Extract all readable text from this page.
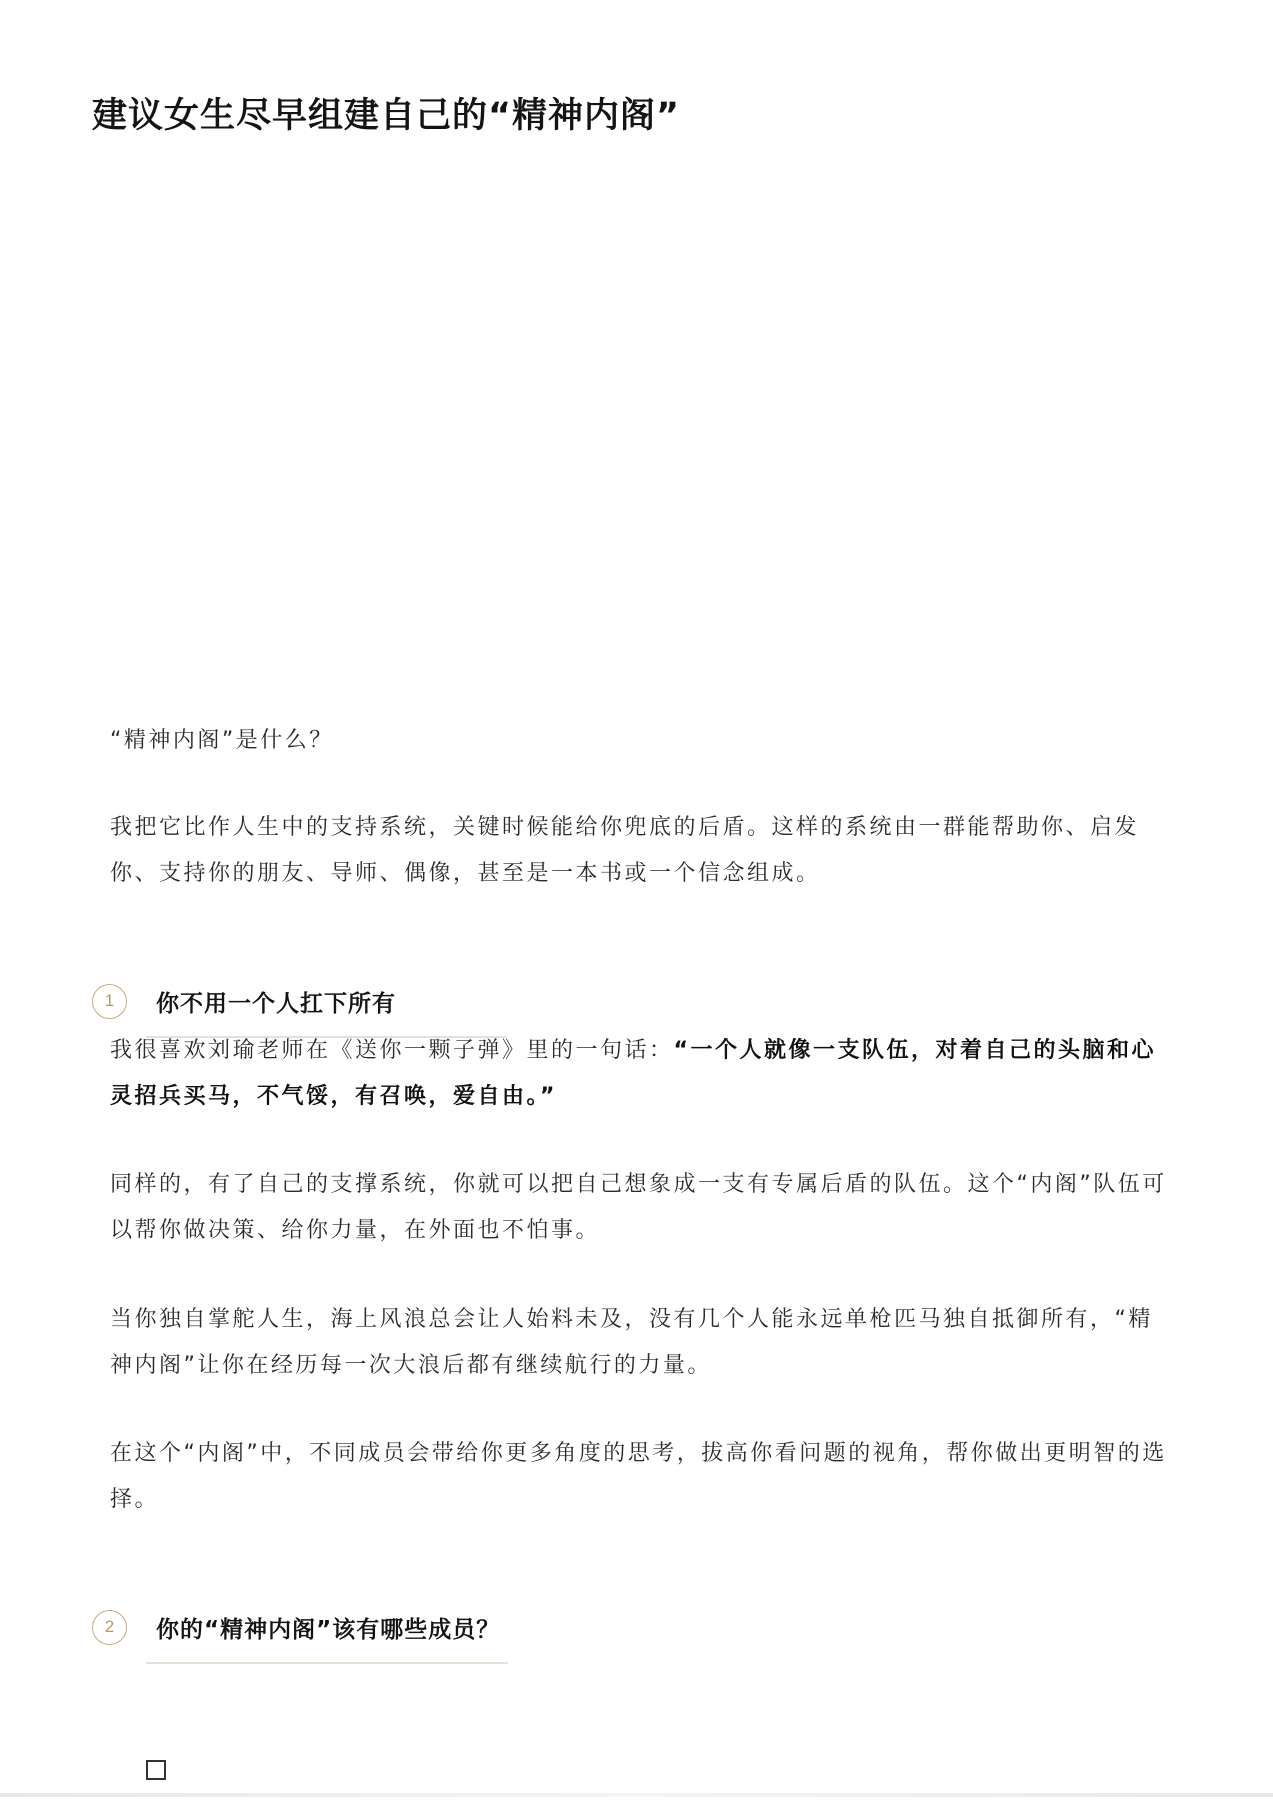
建议女生尽早组建自己的“精神内阁”

“精神内阁”是什么？

我把它比作人生中的支持系统，关键时候能给你兜底的后盾。这样的系统由一群能帮助你、启发你、支持你的朋友、导师、偶像，甚至是一本书或一个信念组成。

1	你不用一个人扛下所有

我很喜欢刘瑜老师在《送你一颗子弹》里的一句话：“一个人就像一支队伍，对着自己的头脑和心灵招兵买马，不气馁，有召唤，爱自由。”

同样的，有了自己的支撑系统，你就可以把自己想象成一支有专属后盾的队伍。这个“内阁”队伍可以帮你做决策、给你力量，在外面也不怕事。

当你独自掌舵人生，海上风浪总会让人始料未及，没有几个人能永远单枪匹马独自抵御所有，“精神内阁”让你在经历每一次大浪后都有继续航行的力量。

在这个“内阁”中，不同成员会带给你更多角度的思考，拔高你看问题的视角，帮你做出更明智的选择。

2	你的“精神内阁”该有哪些成员？
